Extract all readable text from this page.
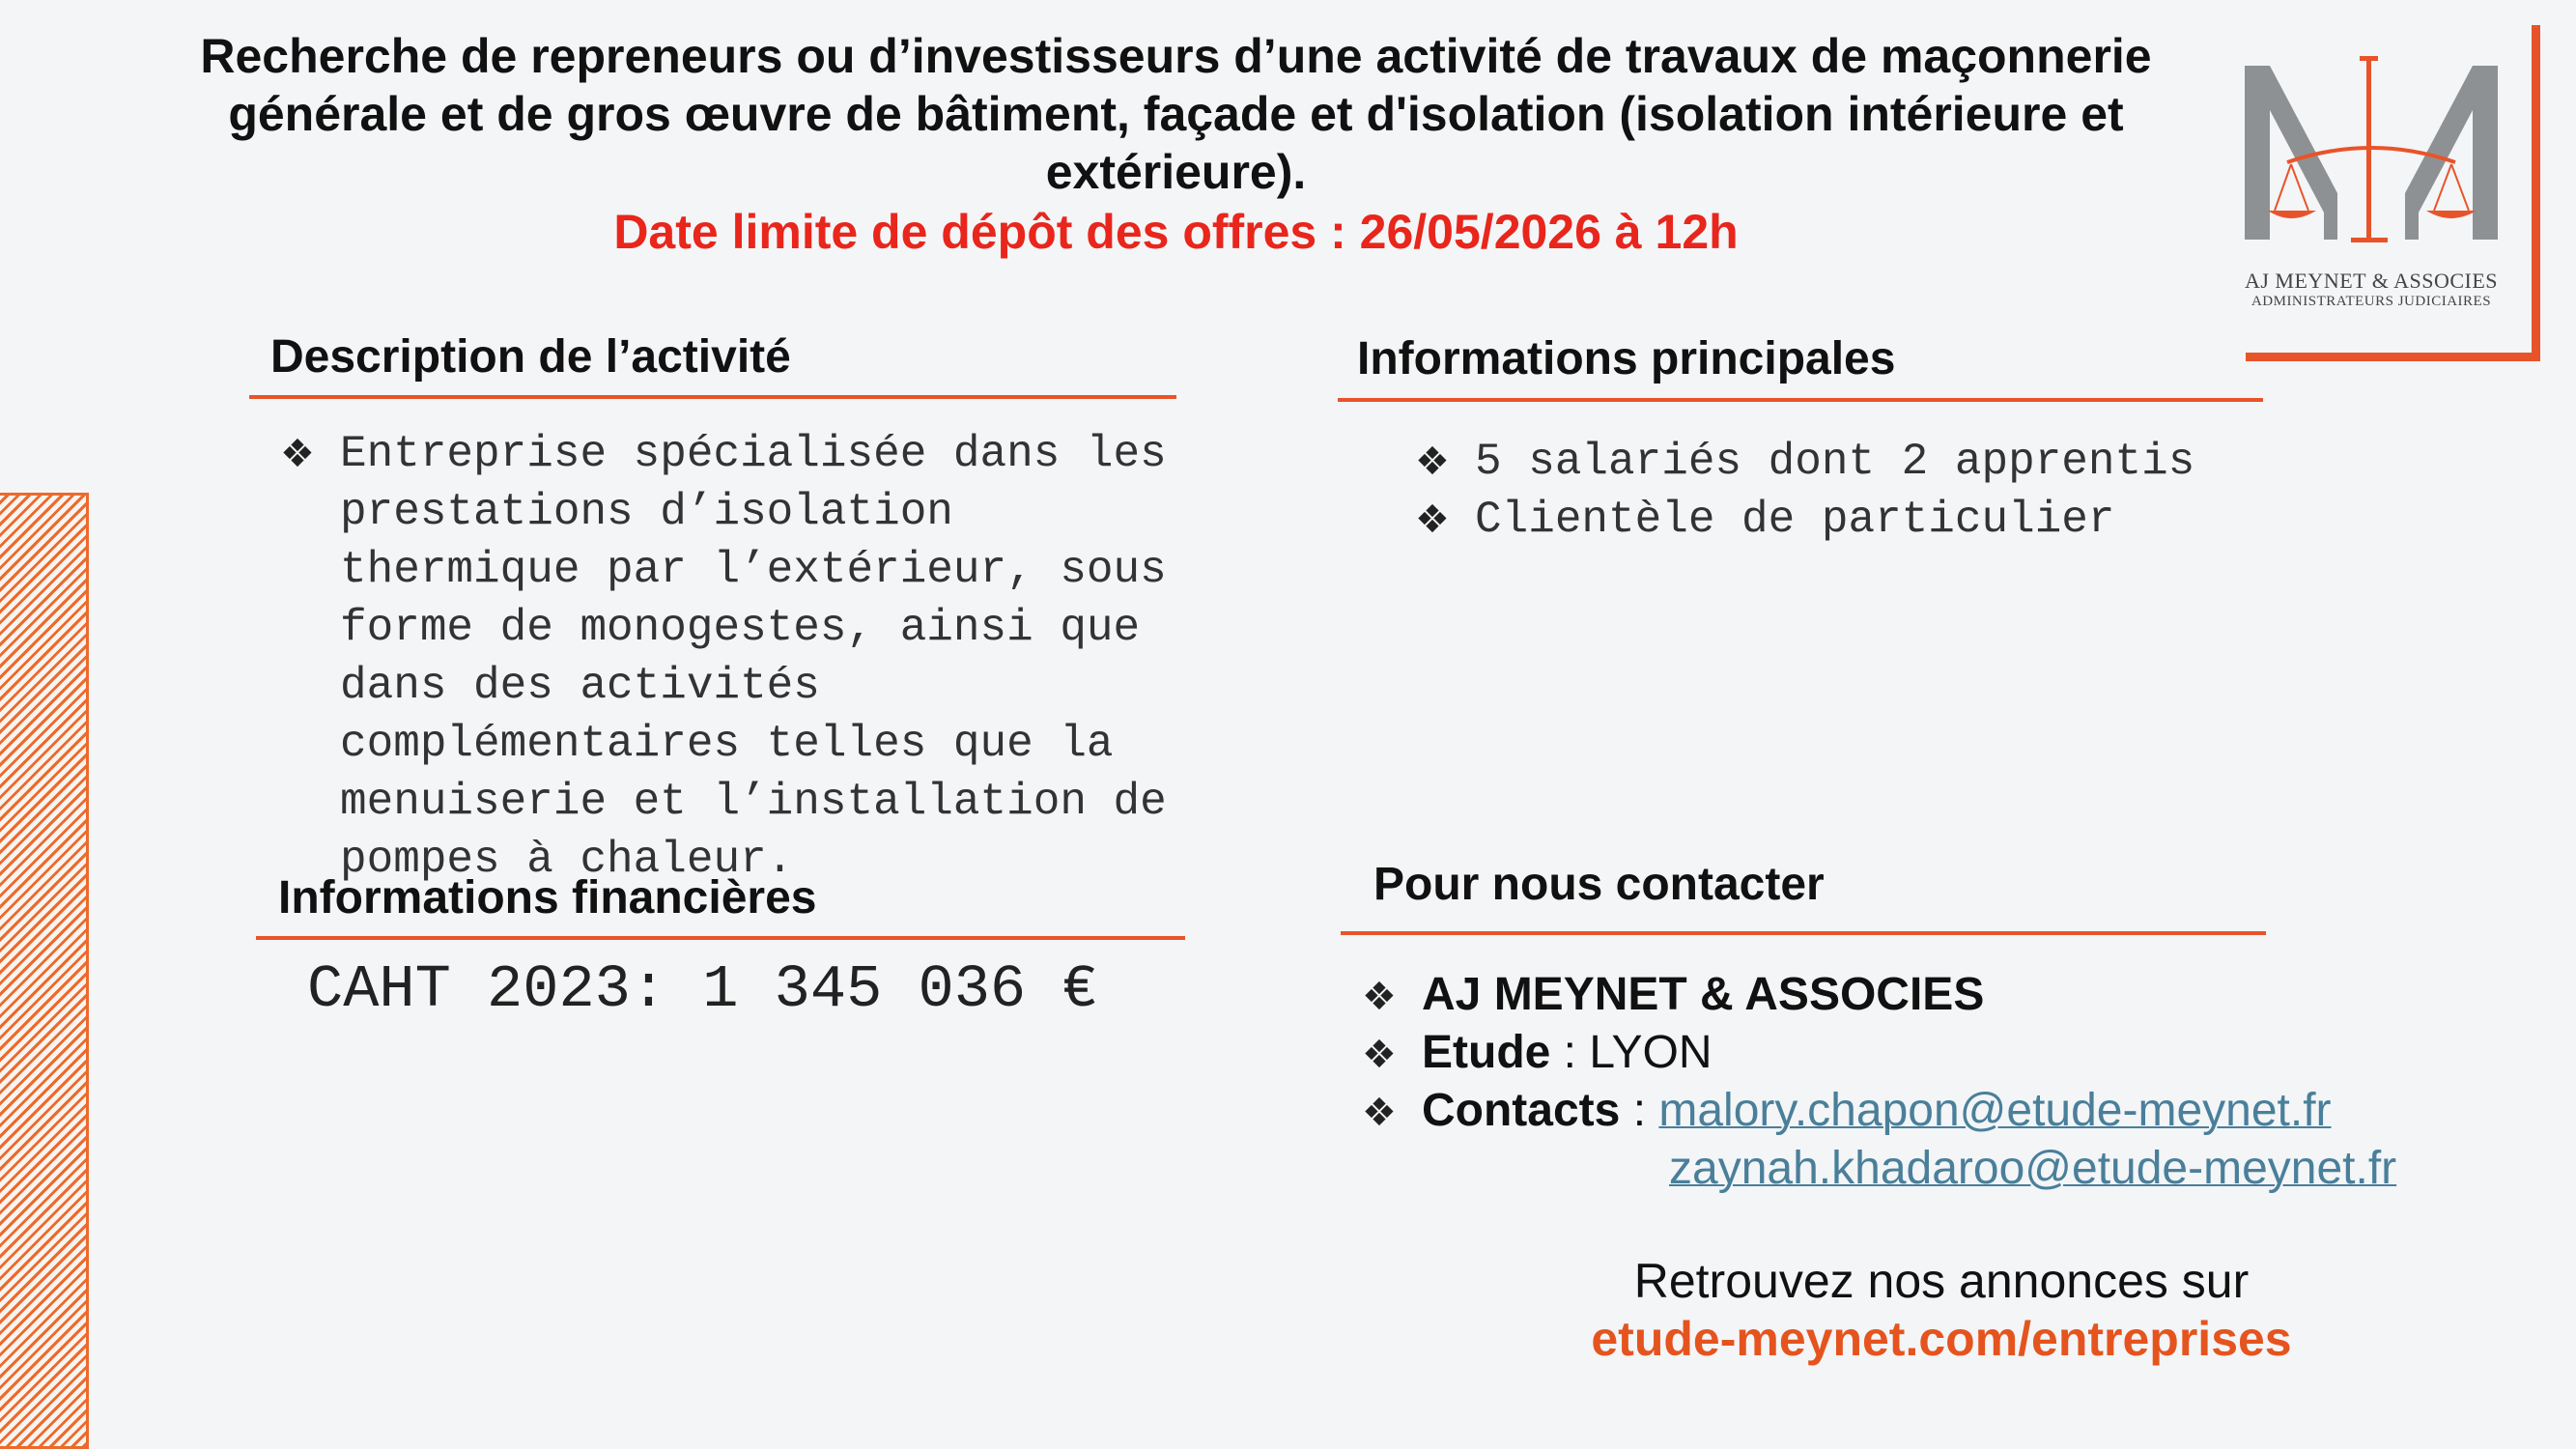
Recherche de repreneurs ou d’investisseurs d’une activité de travaux de maçonnerie
générale et de gros œuvre de bâtiment, façade et d'isolation (isolation intérieure et
extérieure).
Date limite de dépôt des offres : 26/05/2026 à 12h
AJ MEYNET & ASSOCIES
ADMINISTRATEURS JUDICIAIRES
Description de l’activité
❖ Entreprise spécialisée dans les prestations d’isolation thermique par l’extérieur, sous forme de monogestes, ainsi que dans des activités complémentaires telles que la menuiserie et l’installation de pompes à chaleur.
Informations principales
❖ 5 salariés dont 2 apprentis
❖ Clientèle de particulier
Informations financières
CAHT 2023: 1 345 036 €
Pour nous contacter
❖ AJ MEYNET & ASSOCIES
❖ Etude : LYON
❖ Contacts : malory.chapon@etude-meynet.fr
zaynah.khadaroo@etude-meynet.fr
Retrouvez nos annonces sur
etude-meynet.com/entreprises
